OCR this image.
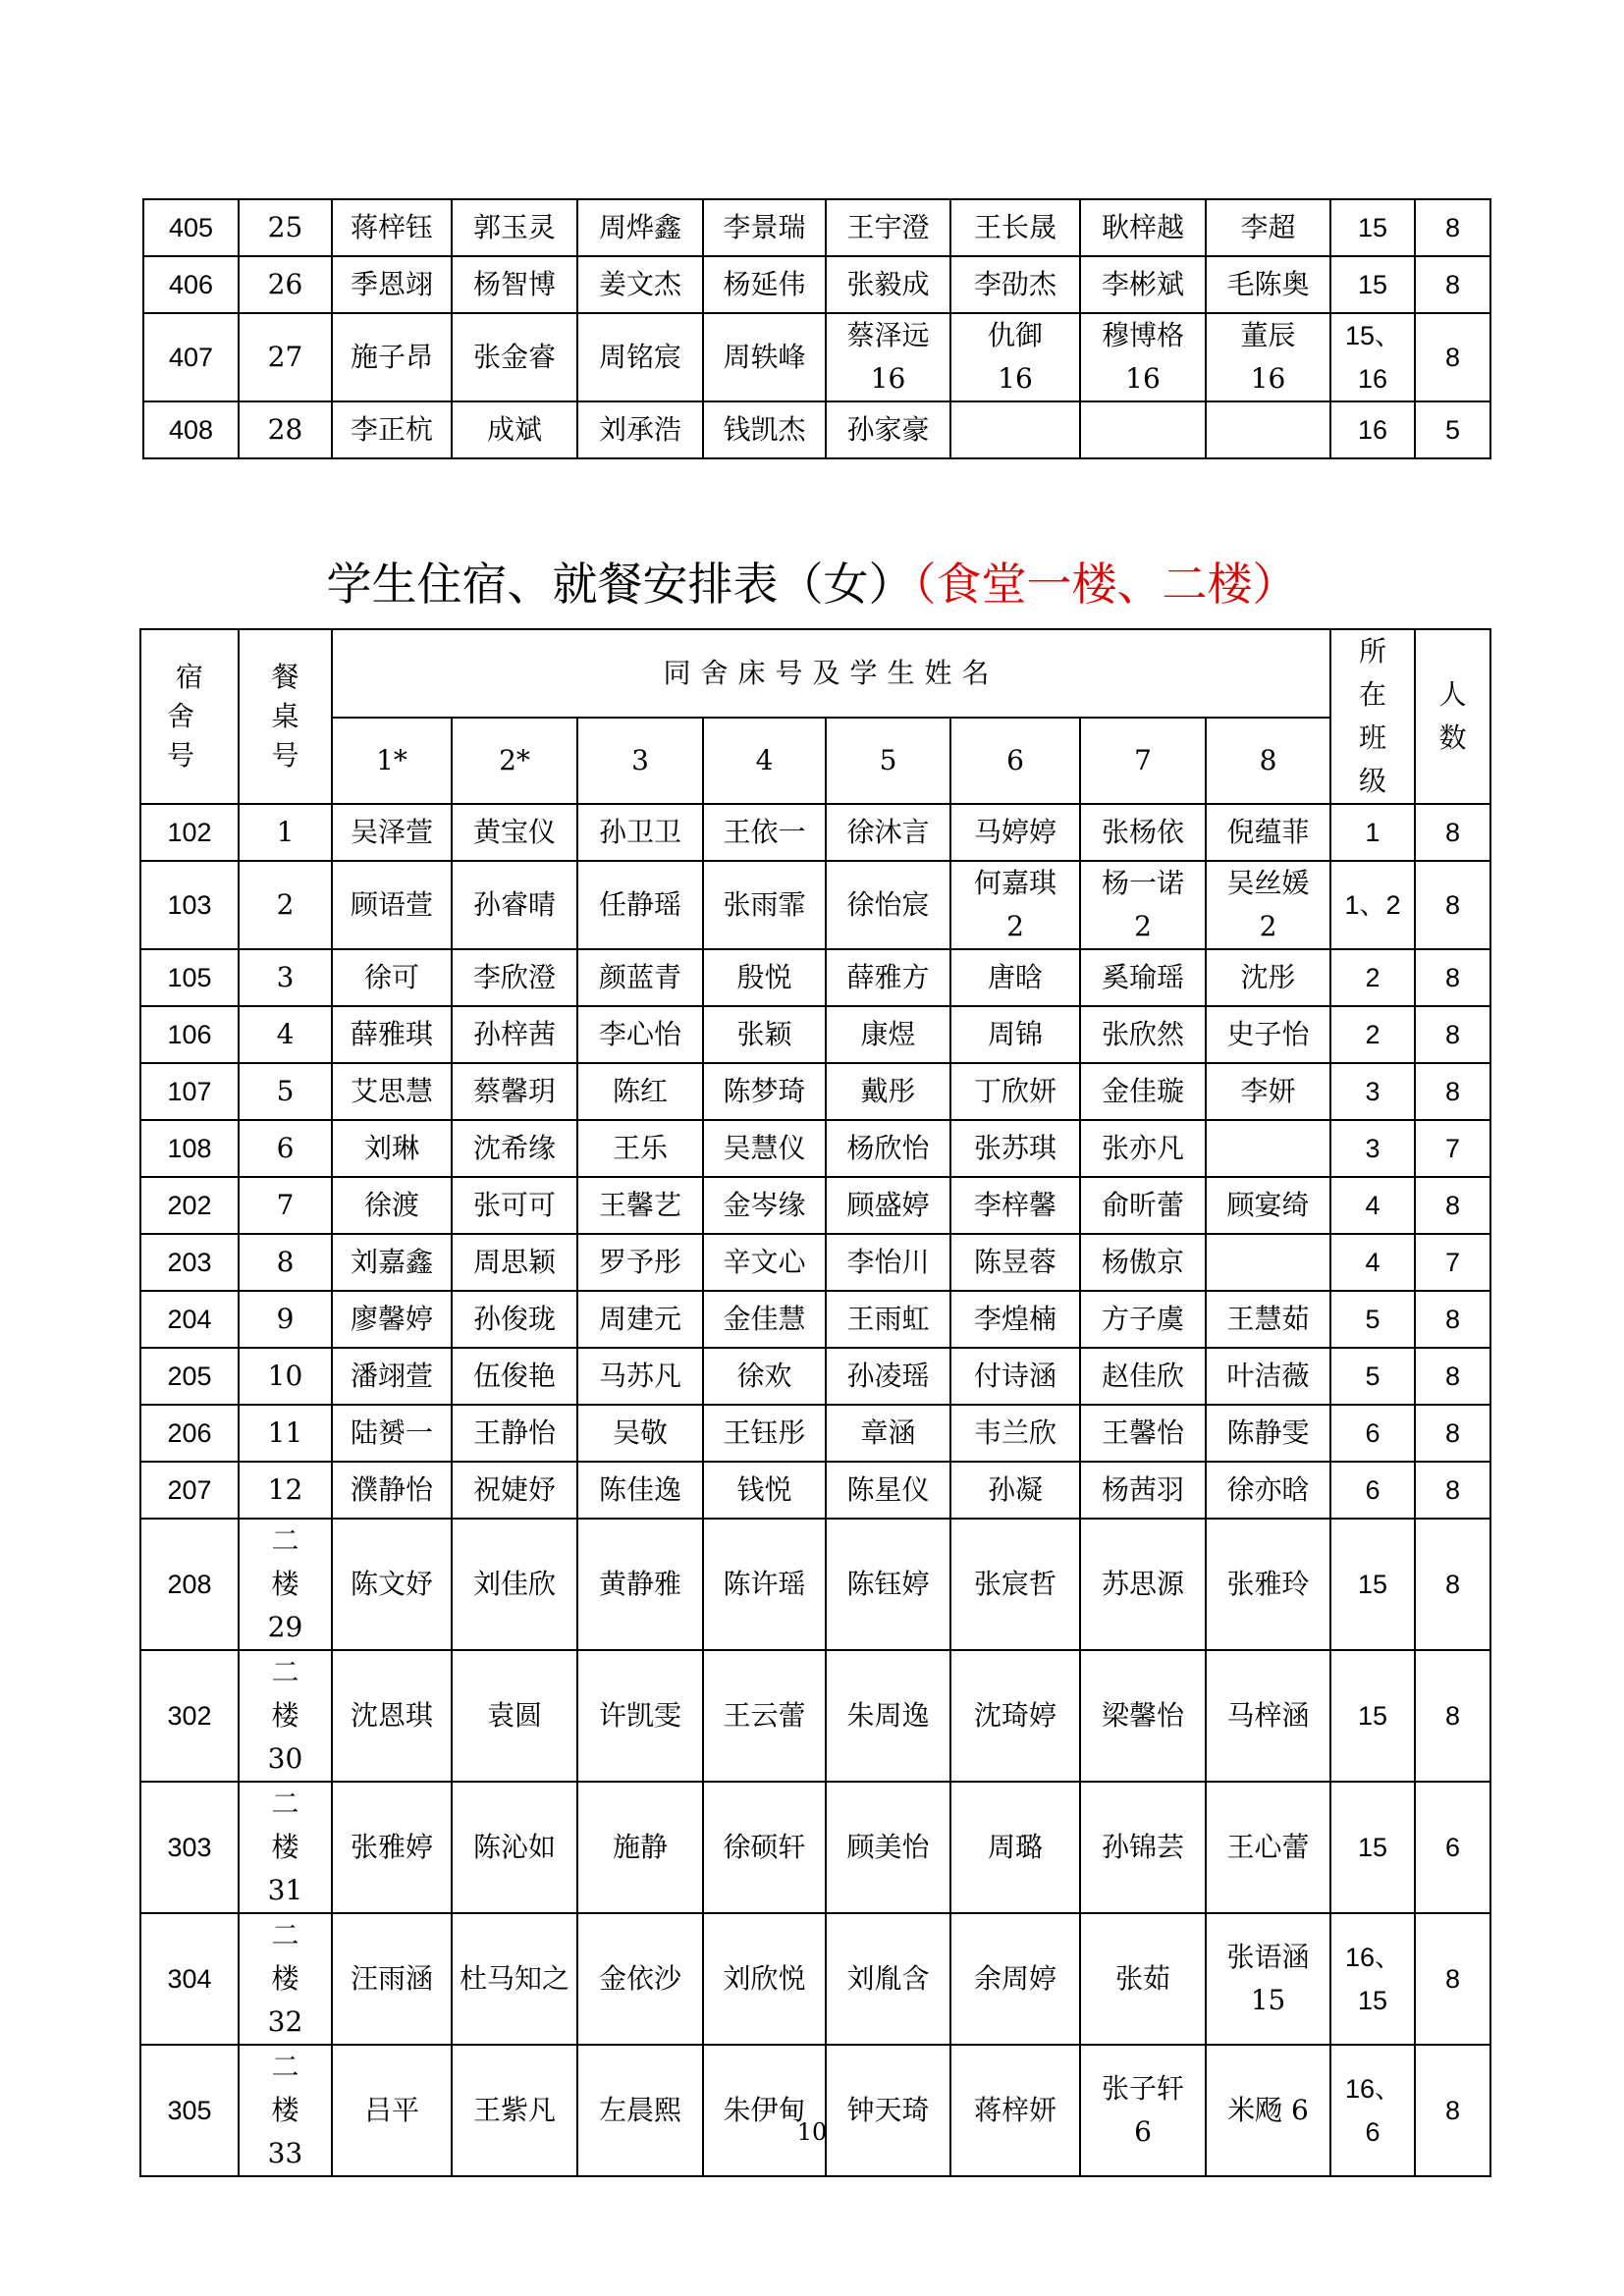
405	25	蒋梓钰	郭玉灵	周烨鑫	李景瑞	王宇澄	王长晟	耿梓越	李超	15	8
406	26	季恩翊	杨智博	姜文杰	杨延伟	张毅成	李劭杰	李彬斌	毛陈奥	15	8
407	27	施子昂	张金睿	周铭宸	周轶峰	蔡泽远 16	仇御 16	穆博格 16	董辰 16	15、16	8
408	28	李正杭	成斌	刘承浩	钱凯杰	孙家豪				16	5
学生住宿、就餐安排表（女）（食堂一楼、二楼）
宿舍号	餐桌号	同舍床号及学生姓名								所在班级	人数
		1*	2*	3	4	5	6	7	8		
102	1	吴泽萱	黄宝仪	孙卫卫	王依一	徐沐言	马婷婷	张杨依	倪蕴菲	1	8
103	2	顾语萱	孙睿晴	任静瑶	张雨霏	徐怡宸	何嘉琪 2	杨一诺 2	吴丝媛 2	1、2	8
105	3	徐可	李欣澄	颜蓝青	殷悦	薛雅方	唐晗	奚瑜瑶	沈彤	2	8
106	4	薛雅琪	孙梓茜	李心怡	张颖	康煜	周锦	张欣然	史子怡	2	8
107	5	艾思慧	蔡馨玥	陈红	陈梦琦	戴彤	丁欣妍	金佳璇	李妍	3	8
108	6	刘琳	沈希缘	王乐	吴慧仪	杨欣怡	张苏琪	张亦凡		3	7
202	7	徐渡	张可可	王馨艺	金岑缘	顾盛婷	李梓馨	俞昕蕾	顾宴绮	4	8
203	8	刘嘉鑫	周思颖	罗予彤	辛文心	李怡川	陈昱蓉	杨傲京		4	7
204	9	廖馨婷	孙俊珑	周建元	金佳慧	王雨虹	李煌楠	方子虞	王慧茹	5	8
205	10	潘翊萱	伍俊艳	马苏凡	徐欢	孙凌瑶	付诗涵	赵佳欣	叶洁薇	5	8
206	11	陆赟一	王静怡	吴敬	王钰彤	章涵	韦兰欣	王馨怡	陈静雯	6	8
207	12	濮静怡	祝婕妤	陈佳逸	钱悦	陈星仪	孙凝	杨茜羽	徐亦晗	6	8
208	二楼 29	陈文妤	刘佳欣	黄静雅	陈许瑶	陈钰婷	张宸哲	苏思源	张雅玲	15	8
302	二楼 30	沈恩琪	袁圆	许凯雯	王云蕾	朱周逸	沈琦婷	梁馨怡	马梓涵	15	8
303	二楼 31	张雅婷	陈沁如	施静	徐硕轩	顾美怡	周璐	孙锦芸	王心蕾	15	6
304	二楼 32	汪雨涵	杜马知之	金依沙	刘欣悦	刘胤含	余周婷	张茹	张语涵 15	16、15	8
305	二楼 33	吕平	王紫凡	左晨熙	朱伊甸	钟天琦	蒋梓妍	张子轩 6	米飏 6	16、6	8
10
